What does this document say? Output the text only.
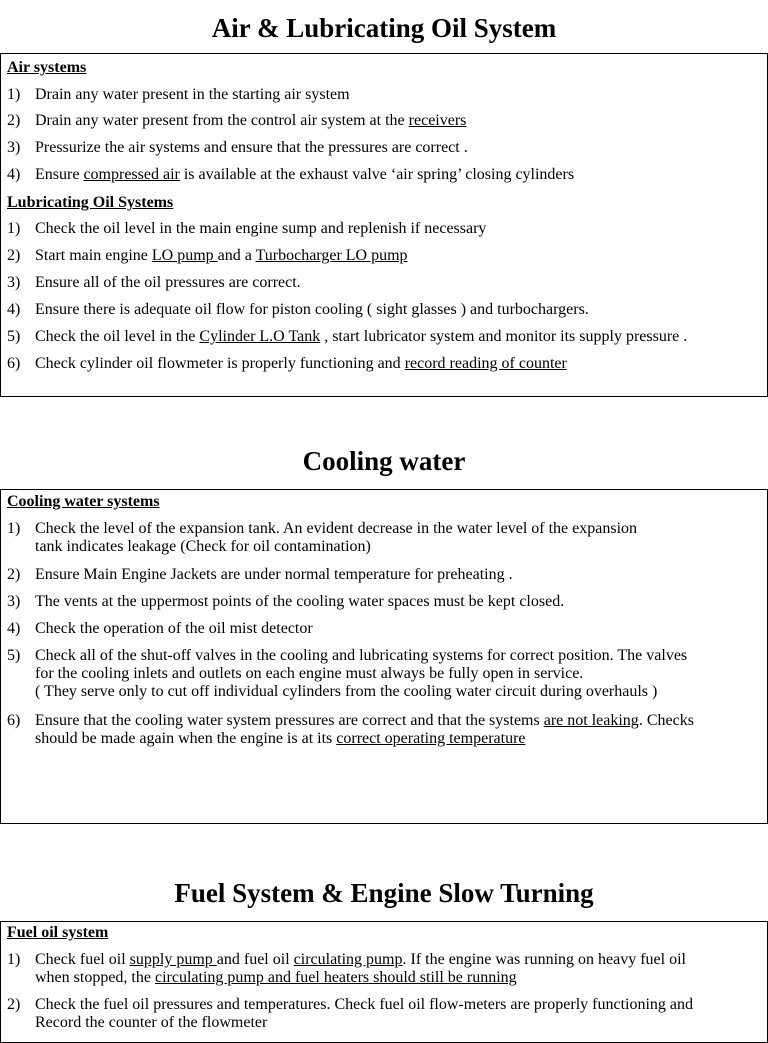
Air & Lubricating Oil System
Air systems
1) Drain any water present in the starting air system
2) Drain any water present from the control air system at the receivers
3) Pressurize the air systems and ensure that the pressures are correct .
4) Ensure compressed air is available at the exhaust valve ‘air spring’ closing cylinders
Lubricating Oil Systems
1) Check the oil level in the main engine sump and replenish if necessary
2) Start main engine LO pump and a Turbocharger LO pump
3) Ensure all of the oil pressures are correct.
4) Ensure there is adequate oil flow for piston cooling ( sight glasses ) and turbochargers.
5) Check the oil level in the Cylinder L.O Tank , start lubricator system and monitor its supply pressure .
6) Check cylinder oil flowmeter is properly functioning and record reading of counter
Cooling water
Cooling water systems
1) Check the level of the expansion tank. An evident decrease in the water level of the expansion
tank indicates leakage (Check for oil contamination)
2) Ensure Main Engine Jackets are under normal temperature for preheating .
3) The vents at the uppermost points of the cooling water spaces must be kept closed.
4) Check the operation of the oil mist detector
5) Check all of the shut-off valves in the cooling and lubricating systems for correct position. The valves
for the cooling inlets and outlets on each engine must always be fully open in service.
( They serve only to cut off individual cylinders from the cooling water circuit during overhauls )
6) Ensure that the cooling water system pressures are correct and that the systems are not leaking. Checks
should be made again when the engine is at its correct operating temperature
Fuel System & Engine Slow Turning
Fuel oil system
1) Check fuel oil supply pump and fuel oil circulating pump. If the engine was running on heavy fuel oil
when stopped, the circulating pump and fuel heaters should still be running
2) Check the fuel oil pressures and temperatures. Check fuel oil flow-meters are properly functioning and
Record the counter of the flowmeter
